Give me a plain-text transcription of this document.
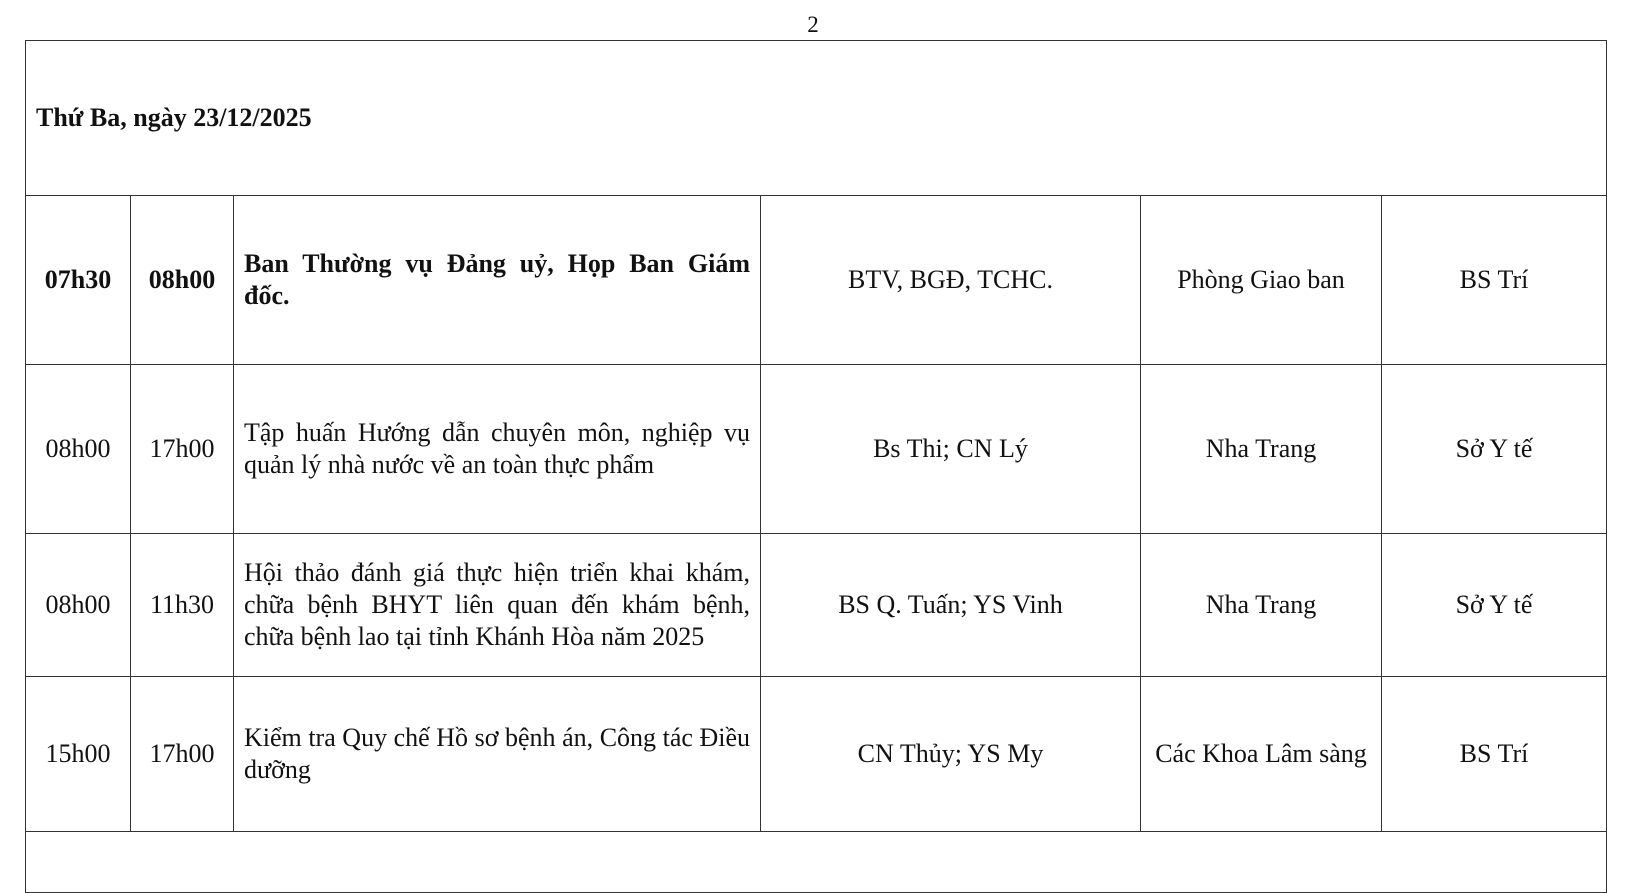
2
Thứ Ba, ngày 23/12/2025					
07h30	08h00	Ban Thường vụ Đảng uỷ, Họp Ban Giám đốc.	BTV, BGĐ, TCHC.	Phòng Giao ban	BS Trí
08h00	17h00	Tập huấn Hướng dẫn chuyên môn, nghiệp vụ quản lý nhà nước về an toàn thực phẩm	Bs Thi; CN Lý	Nha Trang	Sở Y tế
08h00	11h30	Hội thảo đánh giá thực hiện triển khai khám, chữa bệnh BHYT liên quan đến khám bệnh, chữa bệnh lao tại tỉnh Khánh Hòa năm 2025	BS Q. Tuấn; YS Vinh	Nha Trang	Sở Y tế
15h00	17h00	Kiểm tra Quy chế Hồ sơ bệnh án, Công tác Điều dưỡng	CN Thủy; YS My	Các Khoa Lâm sàng	BS Trí
